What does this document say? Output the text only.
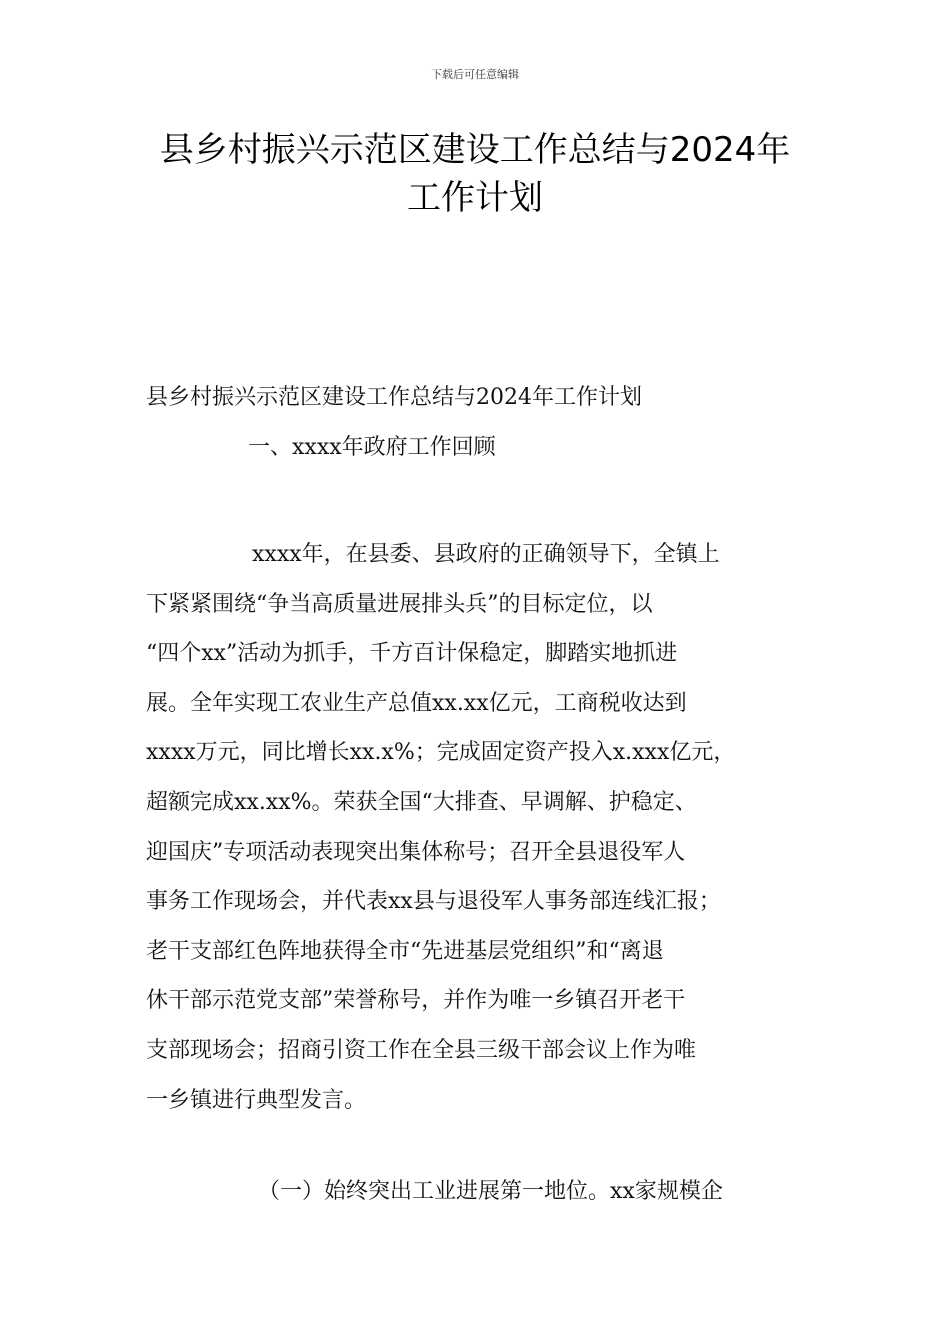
下载后可任意编辑
县乡村振兴示范区建设工作总结与2024年
工作计划
县乡村振兴示范区建设工作总结与2024年工作计划
一、xxxx年政府工作回顾

xxxx年，在县委、县政府的正确领导下，全镇上
下紧紧围绕“争当高质量进展排头兵”的目标定位，以
“四个xx”活动为抓手，千方百计保稳定，脚踏实地抓进
展。全年实现工农业生产总值xx.xx亿元，工商税收达到
xxxx万元，同比增长xx.x%；完成固定资产投入x.xxx亿元，
超额完成xx.xx%。荣获全国“大排查、早调解、护稳定、
迎国庆”专项活动表现突出集体称号；召开全县退役军人
事务工作现场会，并代表xx县与退役军人事务部连线汇报；
老干支部红色阵地获得全市“先进基层党组织”和“离退
休干部示范党支部”荣誉称号，并作为唯一乡镇召开老干
支部现场会；招商引资工作在全县三级干部会议上作为唯
一乡镇进行典型发言。

（一）始终突出工业进展第一地位。xx家规模企
